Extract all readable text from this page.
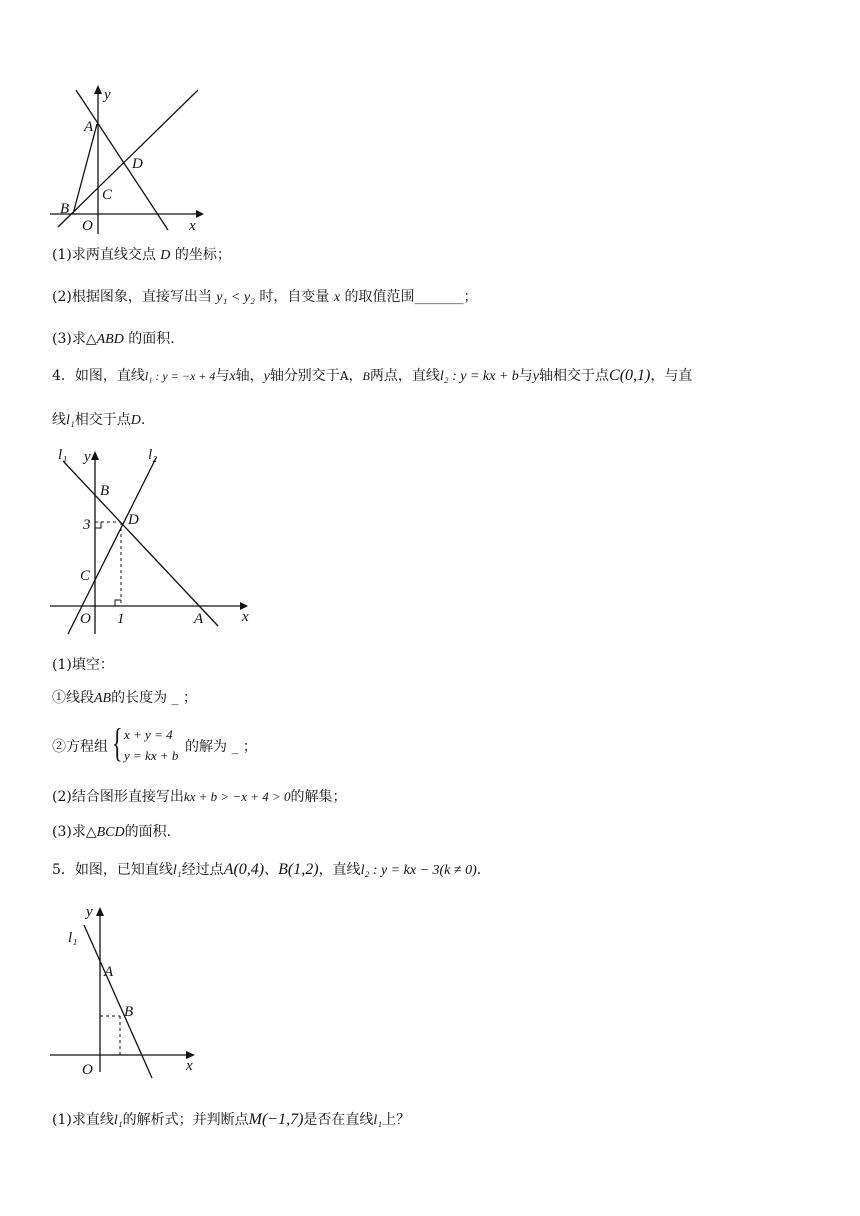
y
A
D
C
B
O	x
(1)求两直线交点 D 的坐标；
(2)根据图象，直接写出当 y₁ < y₂ 时，自变量 x 的取值范围_______；
(3)求△ABD 的面积.
4．如图，直线l₁ : y = −x + 4与x轴，y轴分别交于A，B两点，直线l₂ : y = kx + b与y轴相交于点C(0,1)，与直
线l₁相交于点D.
l₁ y	l₂
B
3	D
C
O 1	A	x
(1)填空：
①线段AB的长度为 _ ；
②方程组 { x + y = 4
y = kx + b
的解为 _ ；
(2)结合图形直接写出kx + b > −x + 4 > 0的解集；
(3)求△BCD的面积.
5．如图，已知直线l₁经过点A(0,4)、B(1,2)，直线l₂ : y = kx − 3(k ≠ 0).
y
l₁
A
B
O	x
(1)求直线l₁的解析式；并判断点M(−1,7)是否在直线l₁上？
